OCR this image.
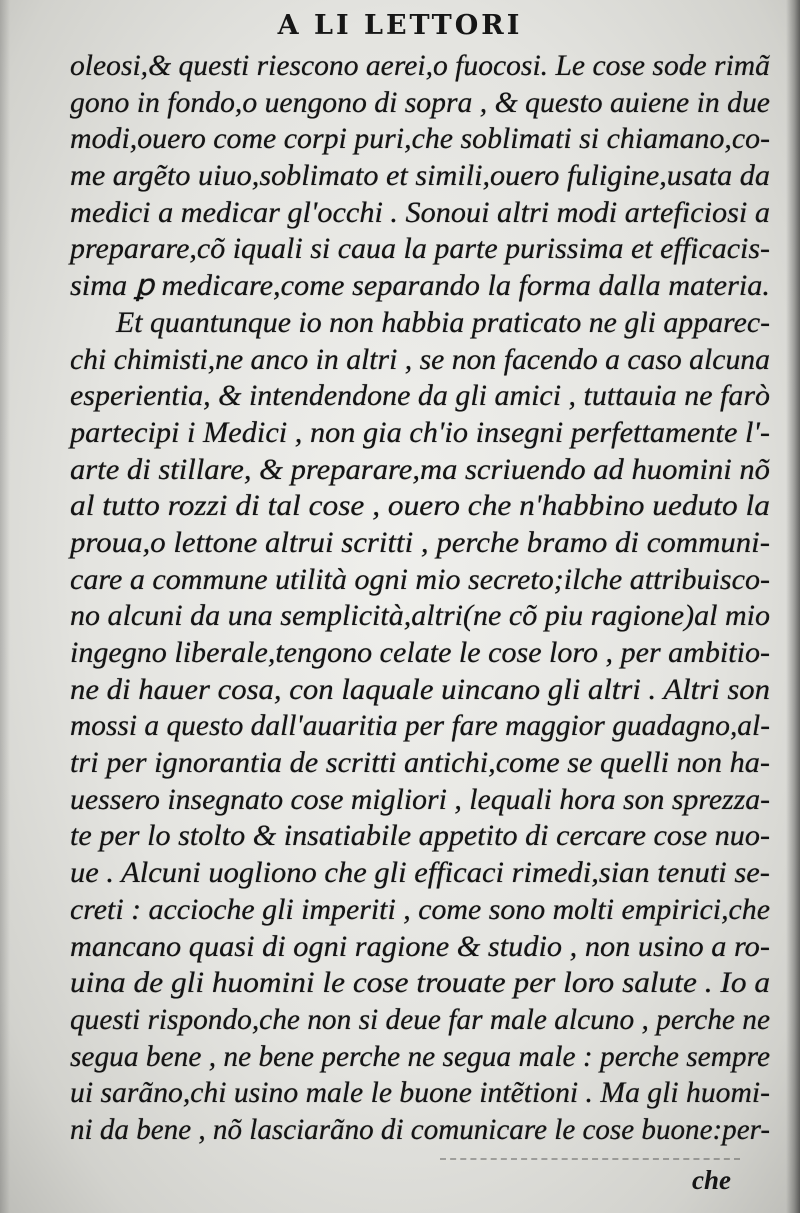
A LI LETTORI
oleosi,& questi riescono aerei,o fuocosi. Le cose sode rimã
gono in fondo,o uengono di sopra , & questo auiene in due
modi,ouero come corpi puri,che soblimati si chiamano,co-
me argẽto uiuo,soblimato et simili,ouero fuligine,usata da
medici a medicar gl'occhi . Sonoui altri modi arteficiosi a
preparare,cõ iquali si caua la parte purissima et efficacis-
sima ꝑ medicare,come separando la forma dalla materia.
Et quantunque io non habbia praticato ne gli apparec-
chi chimisti,ne anco in altri , se non facendo a caso alcuna
esperientia, & intendendone da gli amici , tuttauia ne farò
partecipi i Medici , non gia ch'io insegni perfettamente l'-
arte di stillare, & preparare,ma scriuendo ad huomini nõ
al tutto rozzi di tal cose , ouero che n'habbino ueduto la
proua,o lettone altrui scritti , perche bramo di communi-
care a commune utilità ogni mio secreto;ilche attribuisco-
no alcuni da una semplicità,altri(ne cõ piu ragione)al mio
ingegno liberale,tengono celate le cose loro , per ambitio-
ne di hauer cosa, con laquale uincano gli altri . Altri son
mossi a questo dall'auaritia per fare maggior guadagno,al-
tri per ignorantia de scritti antichi,come se quelli non ha-
uessero insegnato cose migliori , lequali hora son sprezza-
te per lo stolto & insatiabile appetito di cercare cose nuo-
ue . Alcuni uogliono che gli efficaci rimedi,sian tenuti se-
creti : accioche gli imperiti , come sono molti empirici,che
mancano quasi di ogni ragione & studio , non usino a ro-
uina de gli huomini le cose trouate per loro salute . Io a
questi rispondo,che non si deue far male alcuno , perche ne
segua bene , ne bene perche ne segua male : perche sempre
ui sarãno,chi usino male le buone intẽtioni . Ma gli huomi-
ni da bene , nõ lasciarãno di comunicare le cose buone:per-
che
